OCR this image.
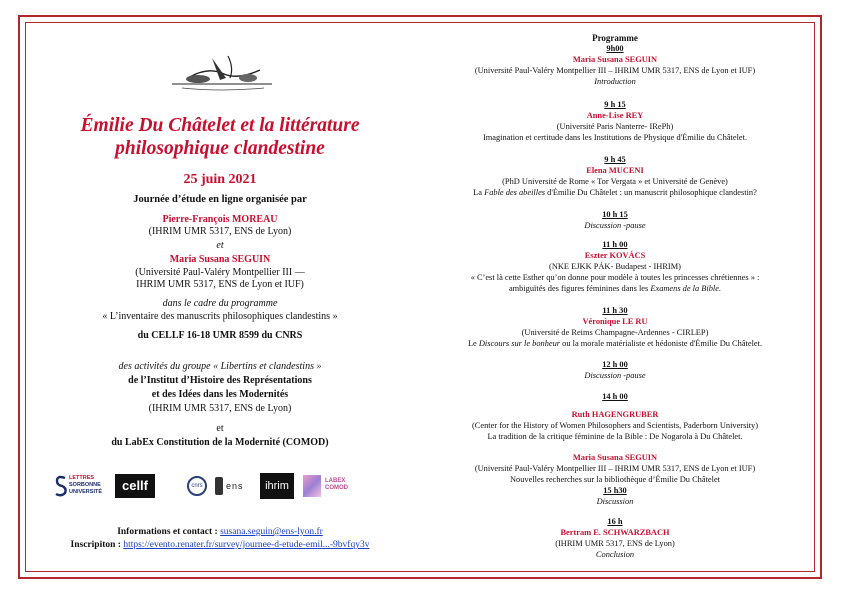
Émilie Du Châtelet et la littérature
philosophique clandestine
25 juin 2021
Journée d’étude en ligne organisée par
Pierre-François MOREAU
(IHRIM UMR 5317, ENS de Lyon)
et
Maria Susana SEGUIN
(Université Paul-Valéry Montpellier III —
IHRIM UMR 5317, ENS de Lyon et IUF)
dans le cadre du programme
« L’inventaire des manuscrits philosophiques clandestins »
du CELLF 16-18 UMR 8599 du CNRS
des activités du groupe « Libertins et clandestins »
de l’Institut d’Histoire des Représentations
et des Idées dans les Modernités
(IHRIM UMR 5317, ENS de Lyon)
et
du LabEx Constitution de la Modernité (COMOD)
LETTRES
SORBONNE
UNIVERSITÉ	cellf	cnrs	ens	ihrim	LABEX
COMOD
Informations et contact : susana.seguin@ens-lyon.fr
Inscripiton : https://evento.renater.fr/survey/journee-d-etude-emil...-9bvfqy3v
Programme
9h00
Maria Susana SEGUIN
(Université Paul-Valéry Montpellier III – IHRIM UMR 5317, ENS de Lyon et IUF)
Introduction
9 h 15
Anne-Lise REY
(Université Paris Nanterre- IRePh)
Imagination et certitude dans les Institutions de Physique d'Émilie du Châtelet.
9 h 45
Elena MUCENI
(PhD Université de Rome « Tor Vergata » et Université de Genève)
La Fable des abeilles d'Émilie Du Châtelet : un manuscrit philosophique clandestin?
10 h 15
Discussion -pause
11 h 00
Eszter KOVÁCS
(NKE EJKK PÁK- Budapest - IHRIM)
« C’est là cette Esther qu’on donne pour modèle à toutes les princesses chrétiennes » :
ambiguïtés des figures féminines dans les Examens de la Bible.
11 h 30
Véronique LE RU
(Université de Reims Champagne-Ardennes - CIRLEP)
Le Discours sur le bonheur ou la morale matérialiste et hédoniste d'Émilie Du Châtelet.
12 h 00
Discussion -pause
14 h 00
Ruth HAGENGRUBER
(Center for the History of Women Philosophers and Scientists, Paderborn University)
La tradition de la critique féminine de la Bible : De Nogarola à Du Châtelet.
Maria Susana SEGUIN
(Université Paul-Valéry Montpellier III – IHRIM UMR 5317, ENS de Lyon et IUF)
Nouvelles recherches sur la bibliothèque d’Émilie Du Châtelet
15 h30
Discussion
16 h
Bertram E. SCHWARZBACH
(IHRIM UMR 5317, ENS de Lyon)
Conclusion
